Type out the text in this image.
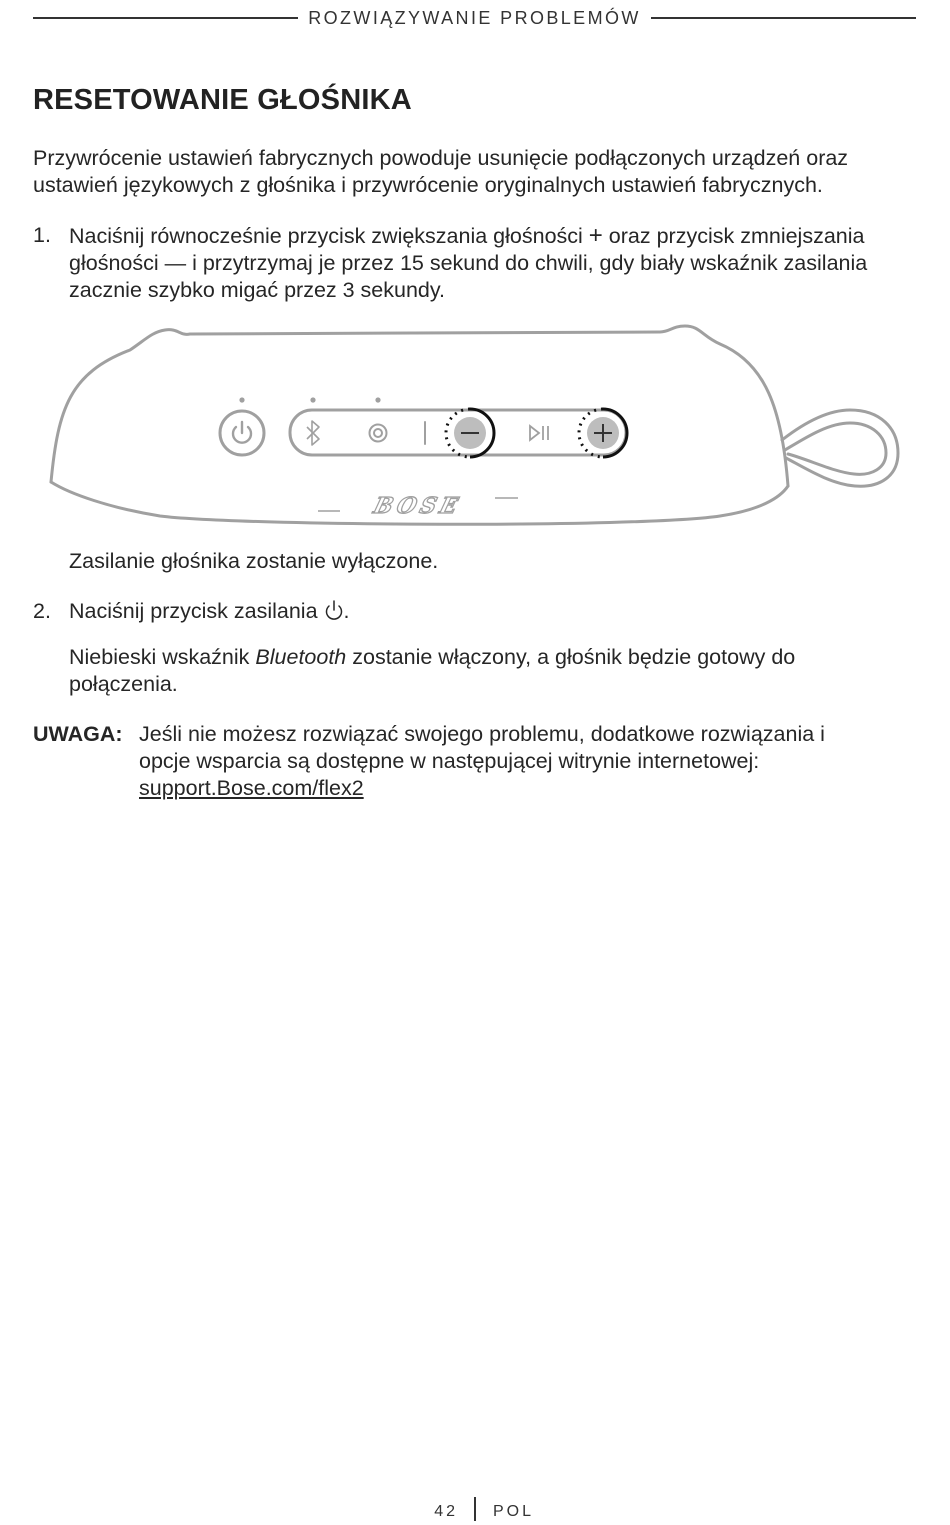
ROZWIĄZYWANIE PROBLEMÓW
RESETOWANIE GŁOŚNIKA

Przywrócenie ustawień fabrycznych powoduje usunięcie podłączonych urządzeń oraz ustawień językowych z głośnika i przywrócenie oryginalnych ustawień fabrycznych.

1. Naciśnij równocześnie przycisk zwiększania głośności + oraz przycisk zmniejszania głośności — i przytrzymaj je przez 15 sekund do chwili, gdy biały wskaźnik zasilania zacznie szybko migać przez 3 sekundy.
BOSE
Zasilanie głośnika zostanie wyłączone.
2. Naciśnij przycisk zasilania .
Niebieski wskaźnik Bluetooth zostanie włączony, a głośnik będzie gotowy do połączenia.
UWAGA: Jeśli nie możesz rozwiązać swojego problemu, dodatkowe rozwiązania i opcje wsparcia są dostępne w następującej witrynie internetowej:
support.Bose.com/flex2
42 POL
